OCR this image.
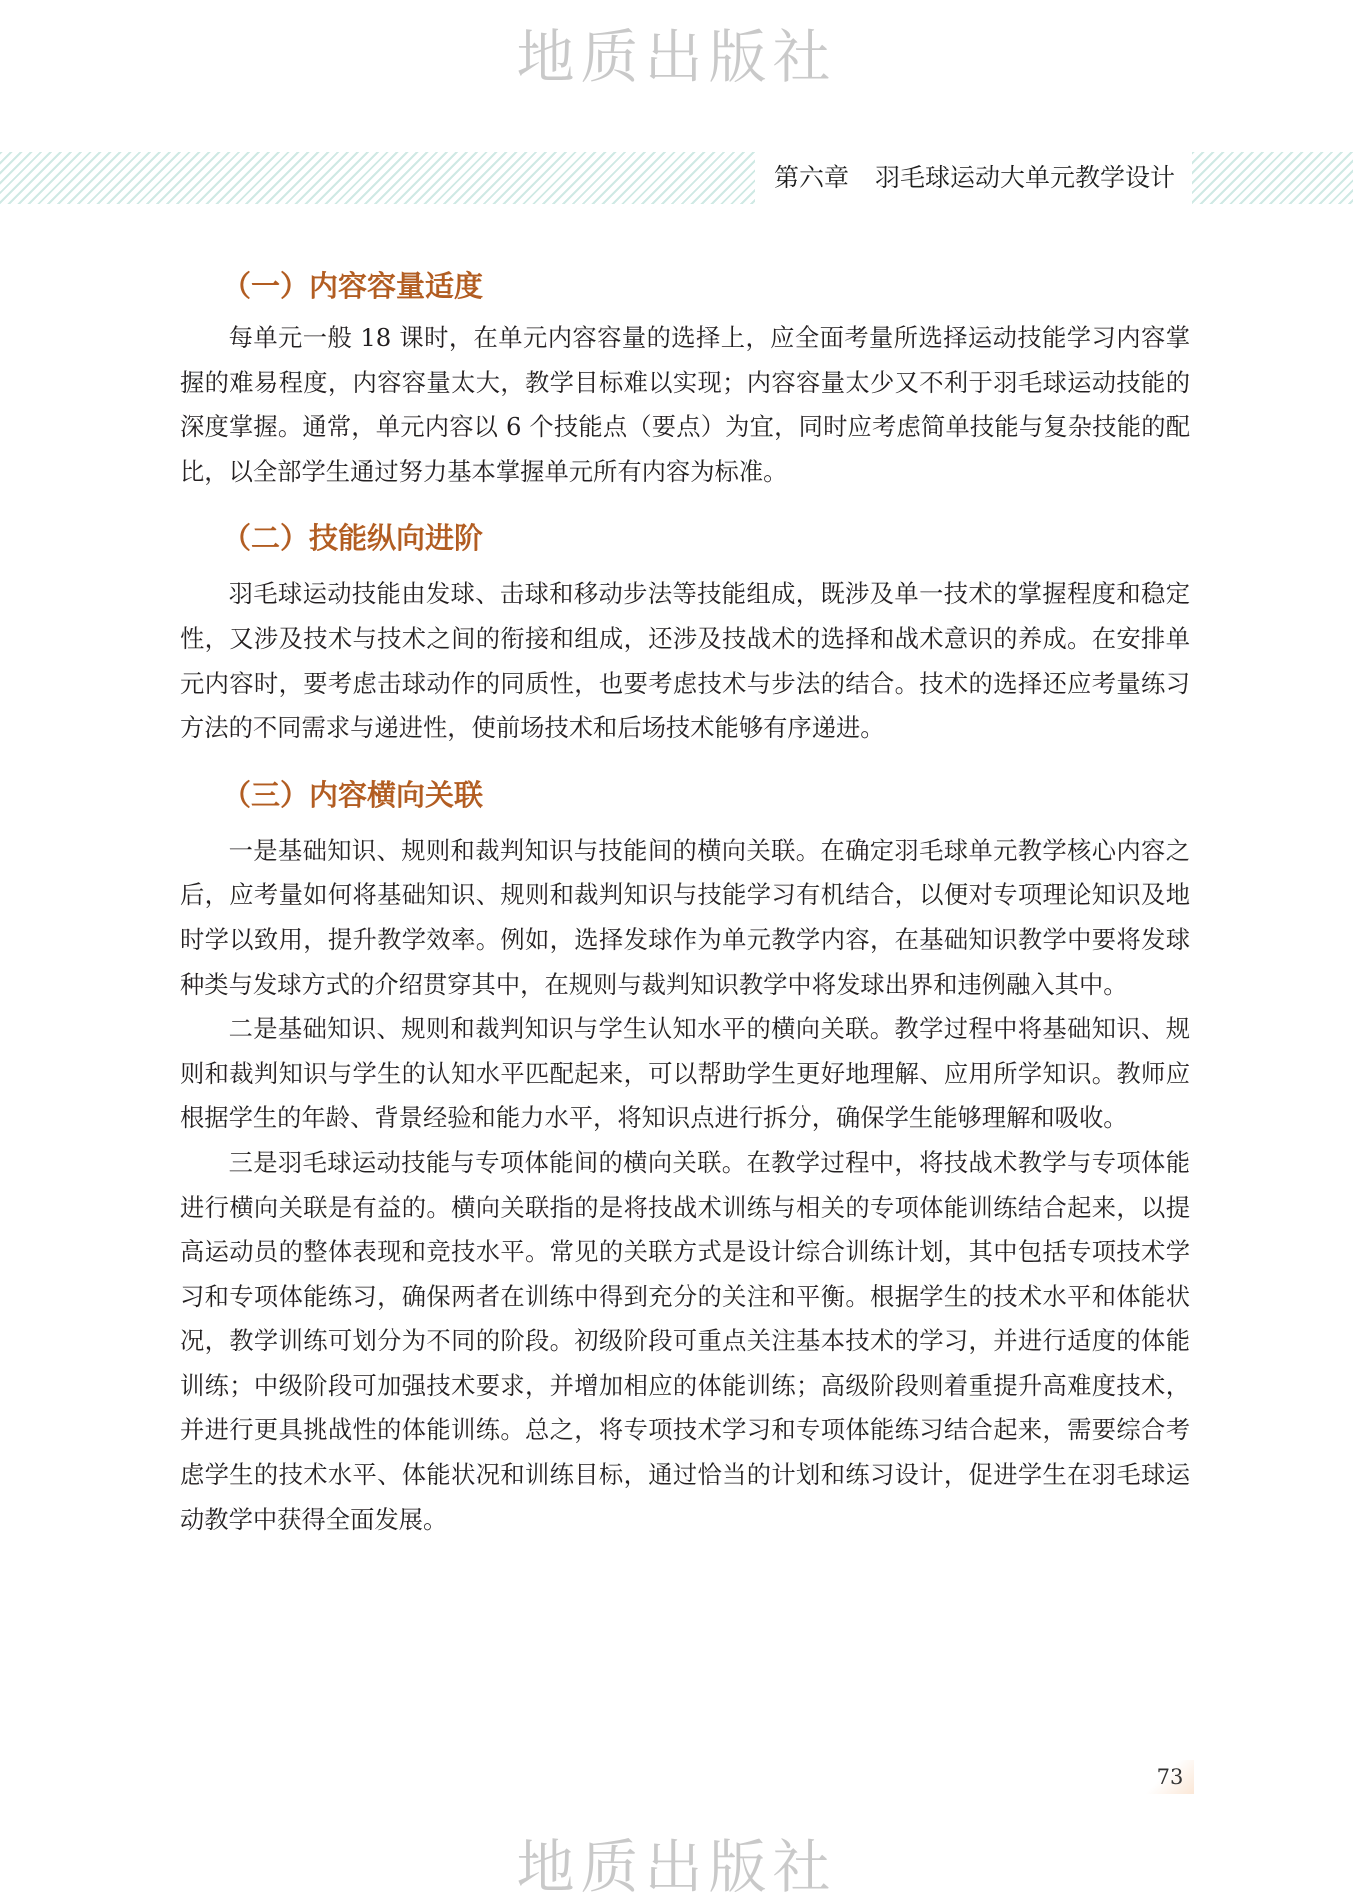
地质出版社
第六章 羽毛球运动大单元教学设计
（一）内容容量适度

每单元一般 18 课时，在单元内容容量的选择上，应全面考量所选择运动技能学习内容掌握的难易程度，内容容量太大，教学目标难以实现；内容容量太少又不利于羽毛球运动技能的深度掌握。通常，单元内容以 6 个技能点（要点）为宜，同时应考虑简单技能与复杂技能的配比，以全部学生通过努力基本掌握单元所有内容为标准。

（二）技能纵向进阶

羽毛球运动技能由发球、击球和移动步法等技能组成，既涉及单一技术的掌握程度和稳定性，又涉及技术与技术之间的衔接和组成，还涉及技战术的选择和战术意识的养成。在安排单元内容时，要考虑击球动作的同质性，也要考虑技术与步法的结合。技术的选择还应考量练习方法的不同需求与递进性，使前场技术和后场技术能够有序递进。

（三）内容横向关联

一是基础知识、规则和裁判知识与技能间的横向关联。在确定羽毛球单元教学核心内容之后，应考量如何将基础知识、规则和裁判知识与技能学习有机结合，以便对专项理论知识及地时学以致用，提升教学效率。例如，选择发球作为单元教学内容，在基础知识教学中要将发球种类与发球方式的介绍贯穿其中，在规则与裁判知识教学中将发球出界和违例融入其中。

二是基础知识、规则和裁判知识与学生认知水平的横向关联。教学过程中将基础知识、规则和裁判知识与学生的认知水平匹配起来，可以帮助学生更好地理解、应用所学知识。教师应根据学生的年龄、背景经验和能力水平，将知识点进行拆分，确保学生能够理解和吸收。

三是羽毛球运动技能与专项体能间的横向关联。在教学过程中，将技战术教学与专项体能进行横向关联是有益的。横向关联指的是将技战术训练与相关的专项体能训练结合起来，以提高运动员的整体表现和竞技水平。常见的关联方式是设计综合训练计划，其中包括专项技术学习和专项体能练习，确保两者在训练中得到充分的关注和平衡。根据学生的技术水平和体能状况，教学训练可划分为不同的阶段。初级阶段可重点关注基本技术的学习，并进行适度的体能训练；中级阶段可加强技术要求，并增加相应的体能训练；高级阶段则着重提升高难度技术，并进行更具挑战性的体能训练。总之，将专项技术学习和专项体能练习结合起来，需要综合考虑学生的技术水平、体能状况和训练目标，通过恰当的计划和练习设计，促进学生在羽毛球运动教学中获得全面发展。

73
地质出版社
